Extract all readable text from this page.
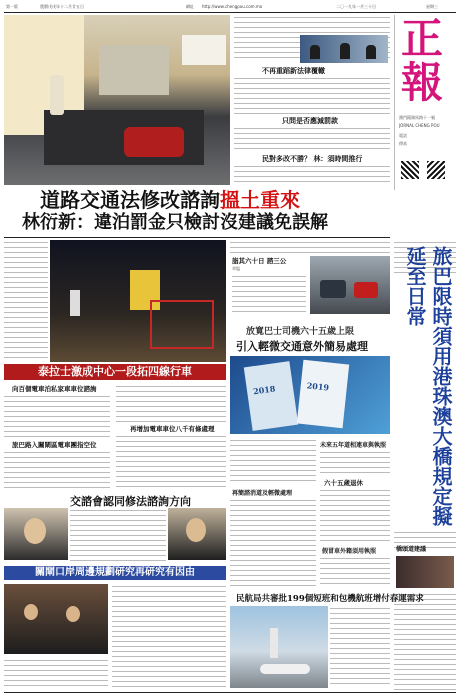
第一版	農曆戊戌年十二月廿五日	網址 http://www.chengpou.com.mo	二〇一九年一月三十日	星期三
不再重蹈新法律覆轍
只問是否應減罰款
民對多改不勝？ 林：須時間推行
正報
澳門鏡湖馬路十一號
JORNAL CHENG POU
電話
傳真
道路交通法修改諮詢搵土重來
林衍新：違泊罰金只檢討沒建議免誤解
旅巴限時須用港珠澳大橋規定擬延至日常
橋頭道建議
泰拉士激成中心一段拓四線行車
向百個電車泊私家車車位諮詢
再增加電車車位八千有條處理
旅巴路入關閘區電車團指空位
交諮會認同修法諮詢方向
關閘口岸周邊規劃研究再研究有因由
詣其六十日 諮三公
翠塩
放寬巴士司機六十五歲上限
引入輕微交通意外簡易處理
2018	2019
未來五年道相連車與執照
六十五歲退休
再簡諮消道及輕微處理
假冒車外籍須用執照
民航局共審批199個短班和包機航班增付春運需求
